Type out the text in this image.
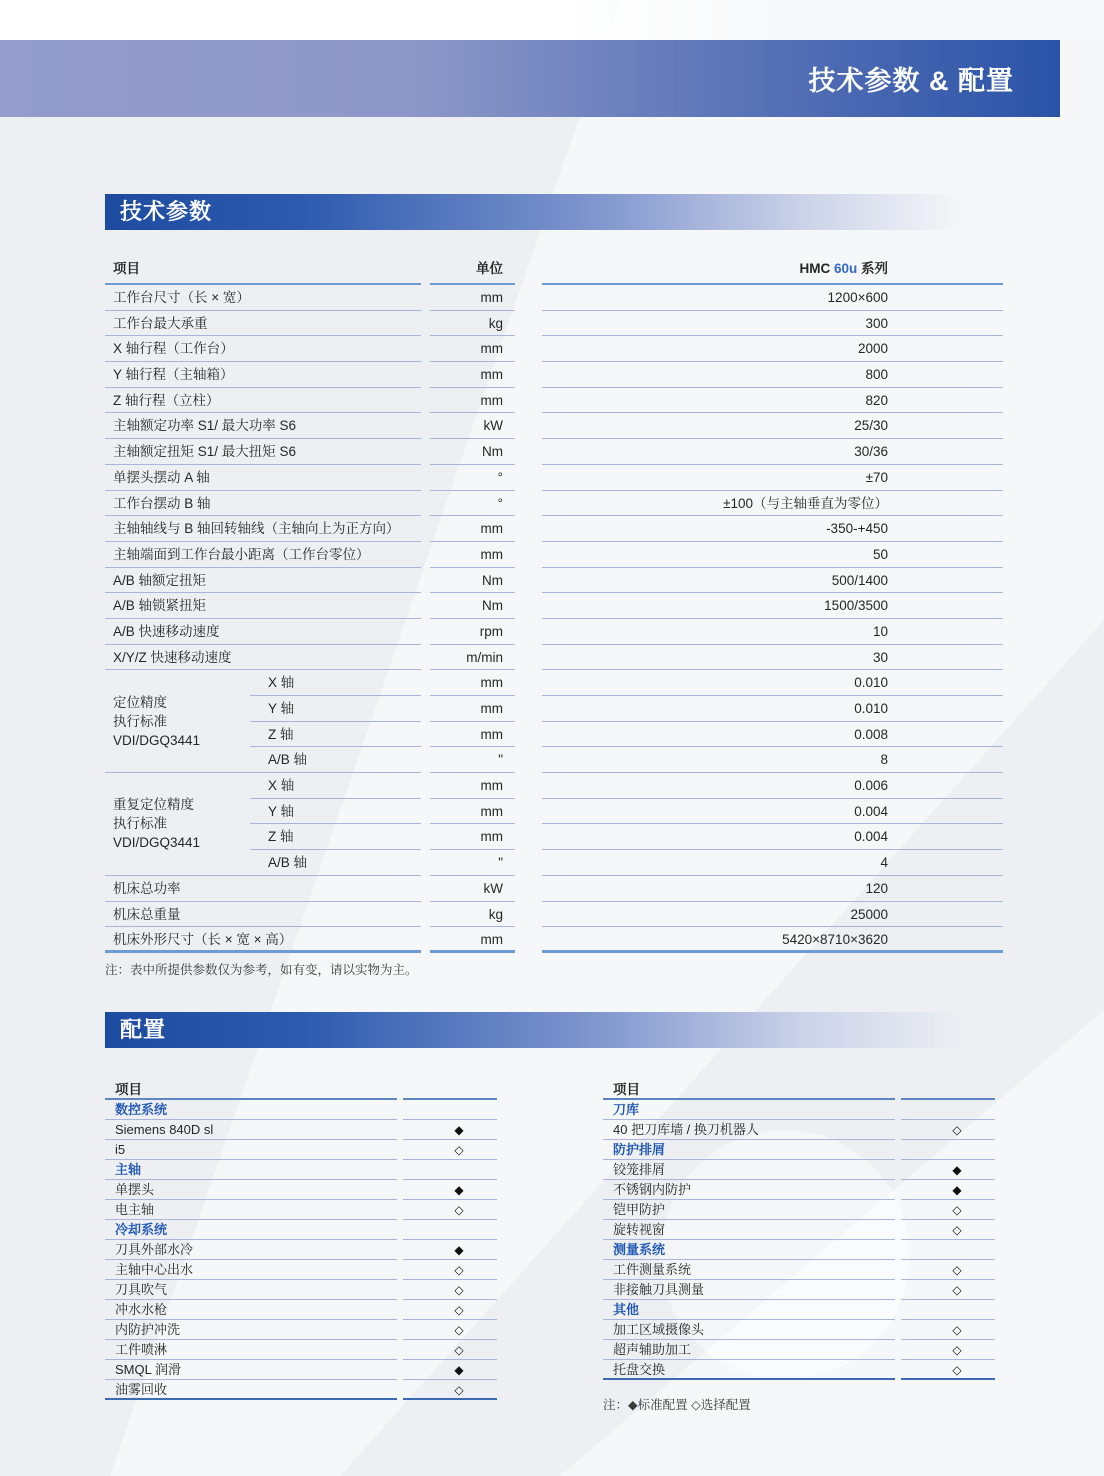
技术参数 & 配置
技术参数
项目	单位	HMC 60u 系列
工作台尺寸（长 × 宽）	mm	1200×600
工作台最大承重	kg	300
X 轴行程（工作台）	mm	2000
Y 轴行程（主轴箱）	mm	800
Z 轴行程（立柱）	mm	820
主轴额定功率 S1/ 最大功率 S6	kW	25/30
主轴额定扭矩 S1/ 最大扭矩 S6	Nm	30/36
单摆头摆动 A 轴	°	±70
工作台摆动 B 轴	°	±100（与主轴垂直为零位）
主轴轴线与 B 轴回转轴线（主轴向上为正方向）	mm	-350-+450
主轴端面到工作台最小距离（工作台零位）	mm	50
A/B 轴额定扭矩	Nm	500/1400
A/B 轴锁紧扭矩	Nm	1500/3500
A/B 快速移动速度	rpm	10
X/Y/Z 快速移动速度	m/min	30
定位精度
执行标准
VDI/DGQ3441
X 轴	mm	0.010
Y 轴	mm	0.010
Z 轴	mm	0.008
A/B 轴	"	8
重复定位精度
执行标准
VDI/DGQ3441
X 轴	mm	0.006
Y 轴	mm	0.004
Z 轴	mm	0.004
A/B 轴	"	4
机床总功率	kW	120
机床总重量	kg	25000
机床外形尺寸（长 × 宽 × 高）	mm	5420×8710×3620
注：表中所提供参数仅为参考，如有变，请以实物为主。
配置
项目
数控系统
Siemens 840D sl	◆
i5	◇
主轴
单摆头	◆
电主轴	◇
冷却系统
刀具外部水冷	◆
主轴中心出水	◇
刀具吹气	◇
冲水水枪	◇
内防护冲洗	◇
工件喷淋	◇
SMQL 润滑	◆
油雾回收	◇
项目
刀库
40 把刀库墙 / 换刀机器人	◇
防护排屑
铰笼排屑	◆
不锈钢内防护	◆
铠甲防护	◇
旋转视窗	◇
测量系统
工件测量系统	◇
非接触刀具测量	◇
其他
加工区域摄像头	◇
超声辅助加工	◇
托盘交换	◇
注：◆标准配置 ◇选择配置
